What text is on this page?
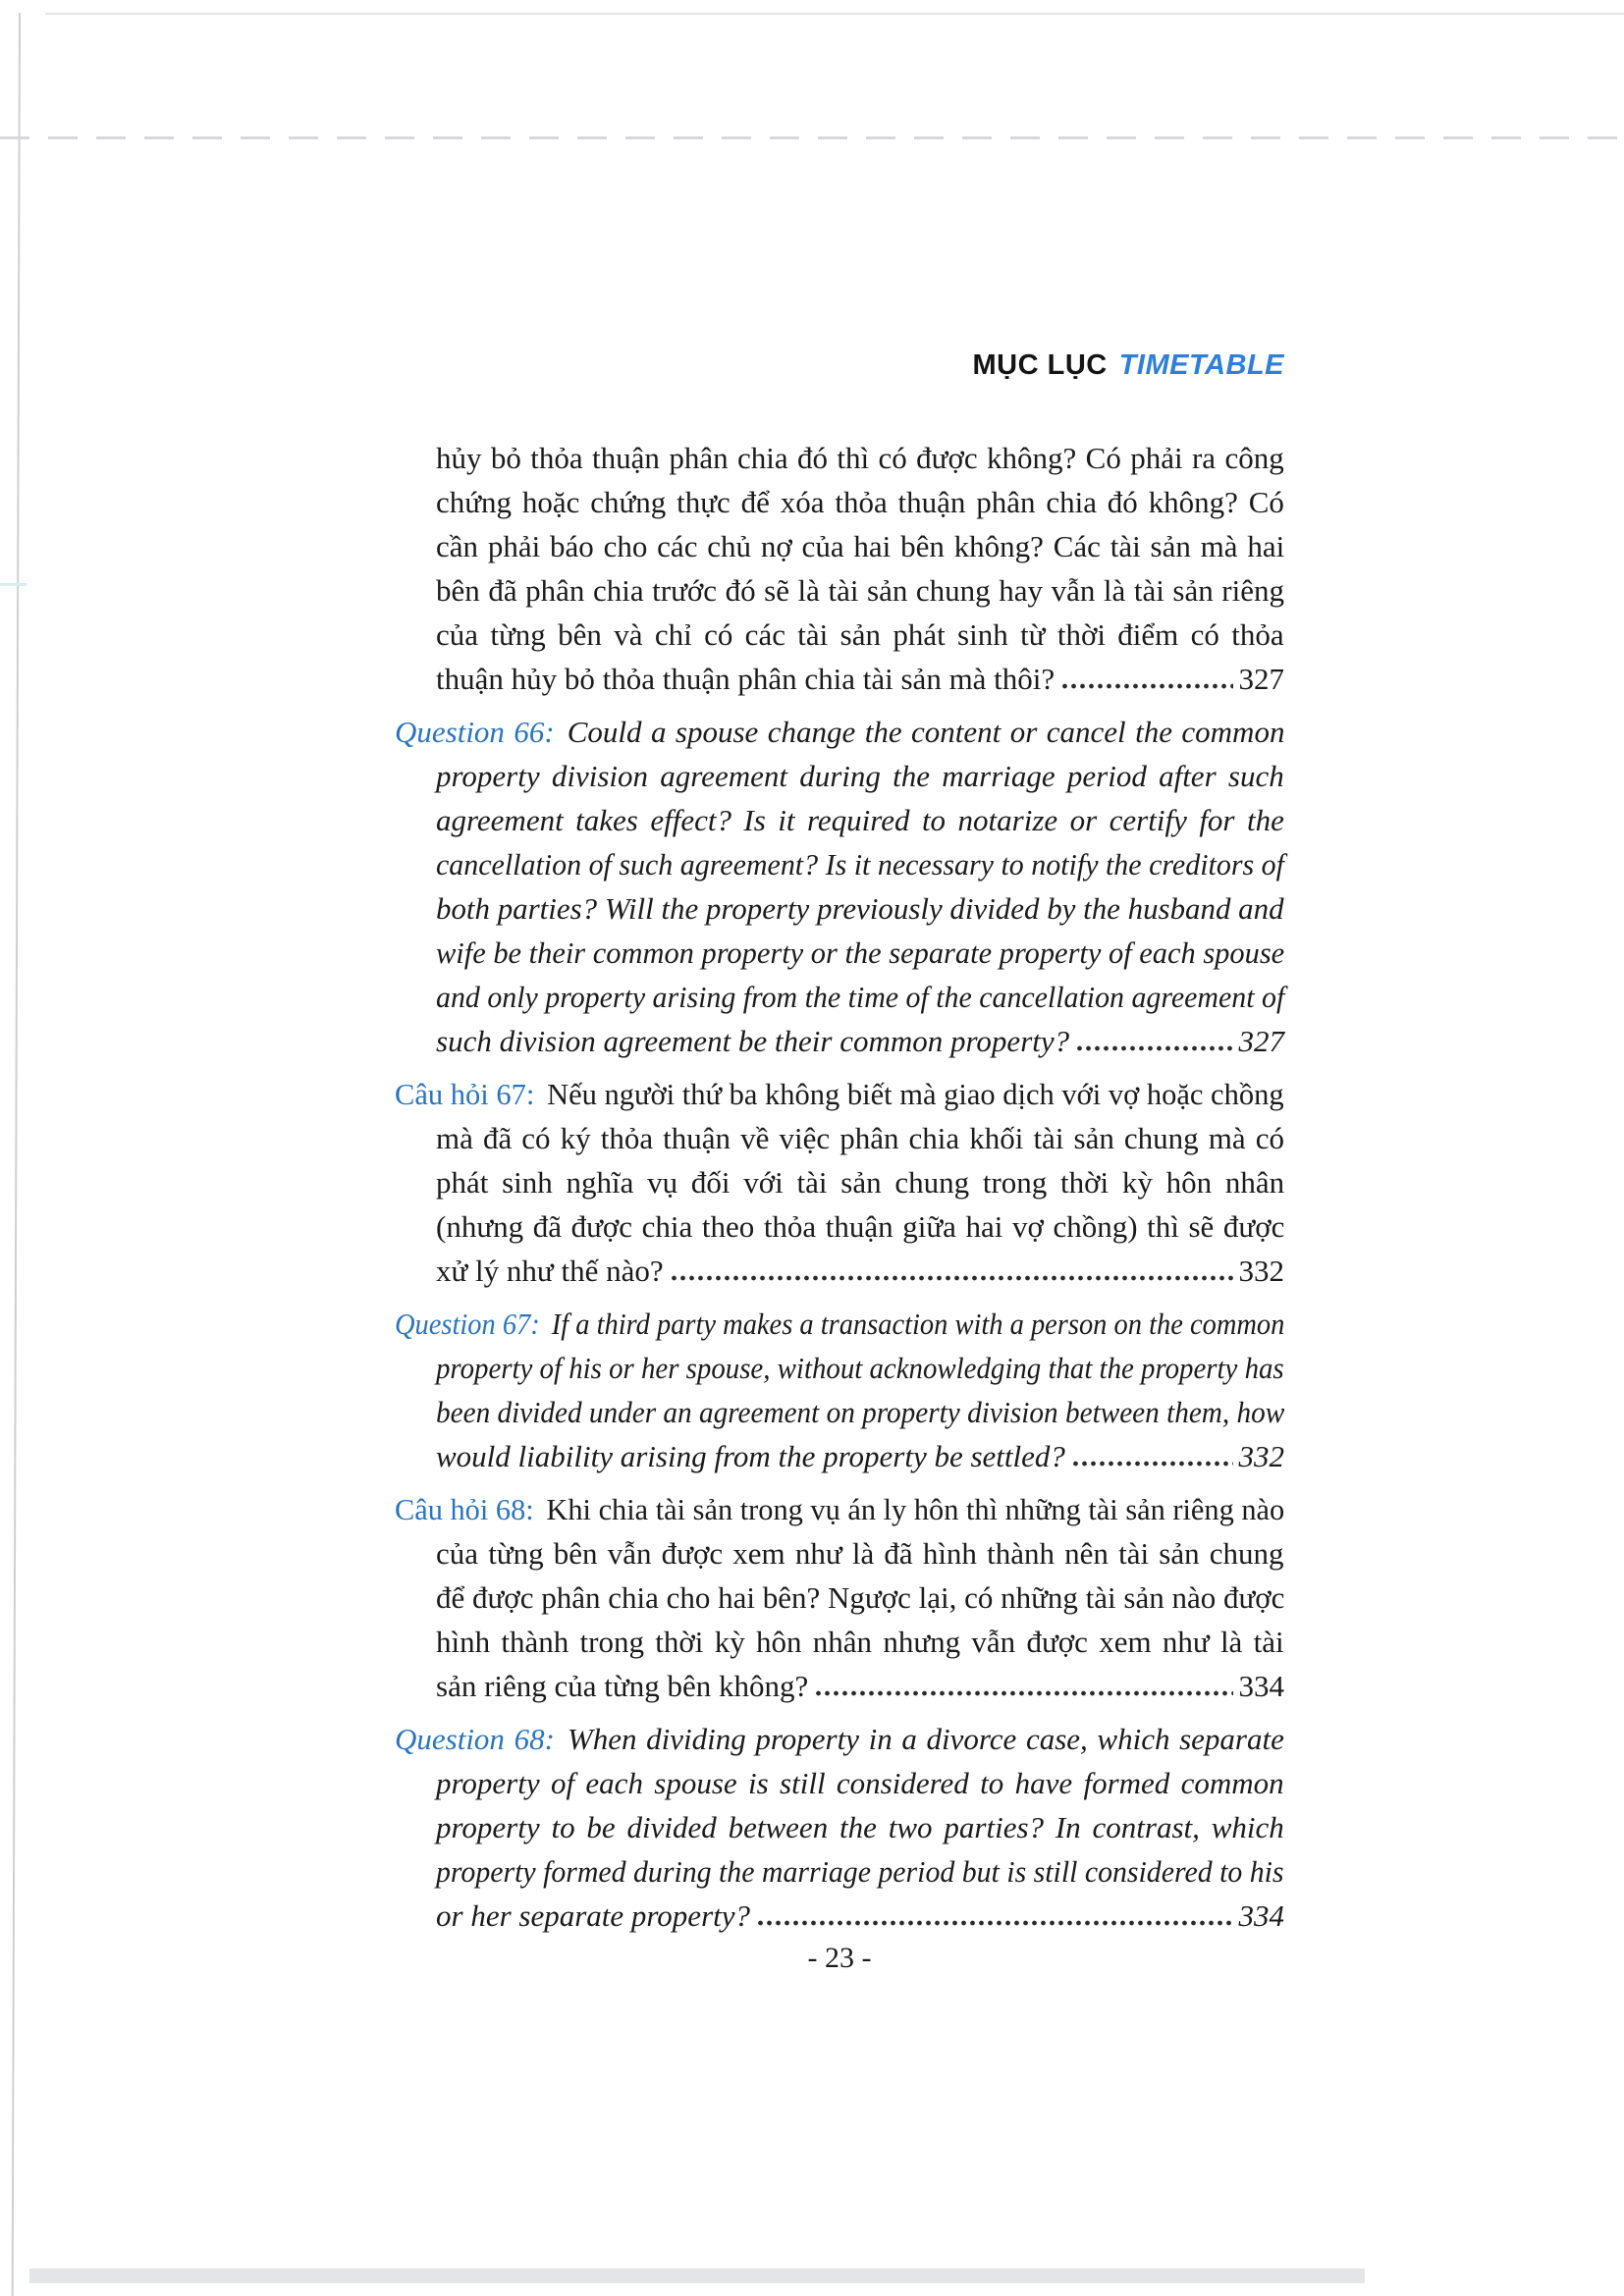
MỤC LỤC TIMETABLE
hủy bỏ thỏa thuận phân chia đó thì có được không? Có phải ra công
chứng hoặc chứng thực để xóa thỏa thuận phân chia đó không? Có
cần phải báo cho các chủ nợ của hai bên không? Các tài sản mà hai
bên đã phân chia trước đó sẽ là tài sản chung hay vẫn là tài sản riêng
của từng bên và chỉ có các tài sản phát sinh từ thời điểm có thỏa
thuận hủy bỏ thỏa thuận phân chia tài sản mà thôi?	327
Question 66: Could a spouse change the content or cancel the common
property division agreement during the marriage period after such
agreement takes effect? Is it required to notarize or certify for the
cancellation of such agreement? Is it necessary to notify the creditors of
both parties? Will the property previously divided by the husband and
wife be their common property or the separate property of each spouse
and only property arising from the time of the cancellation agreement of
such division agreement be their common property?	327
Câu hỏi 67: Nếu người thứ ba không biết mà giao dịch với vợ hoặc chồng
mà đã có ký thỏa thuận về việc phân chia khối tài sản chung mà có
phát sinh nghĩa vụ đối với tài sản chung trong thời kỳ hôn nhân
(nhưng đã được chia theo thỏa thuận giữa hai vợ chồng) thì sẽ được
xử lý như thế nào?	332
Question 67: If a third party makes a transaction with a person on the common
property of his or her spouse, without acknowledging that the property has
been divided under an agreement on property division between them, how
would liability arising from the property be settled?	332
Câu hỏi 68: Khi chia tài sản trong vụ án ly hôn thì những tài sản riêng nào
của từng bên vẫn được xem như là đã hình thành nên tài sản chung
để được phân chia cho hai bên? Ngược lại, có những tài sản nào được
hình thành trong thời kỳ hôn nhân nhưng vẫn được xem như là tài
sản riêng của từng bên không?	334
Question 68: When dividing property in a divorce case, which separate
property of each spouse is still considered to have formed common
property to be divided between the two parties? In contrast, which
property formed during the marriage period but is still considered to his
or her separate property?	334
- 23 -
